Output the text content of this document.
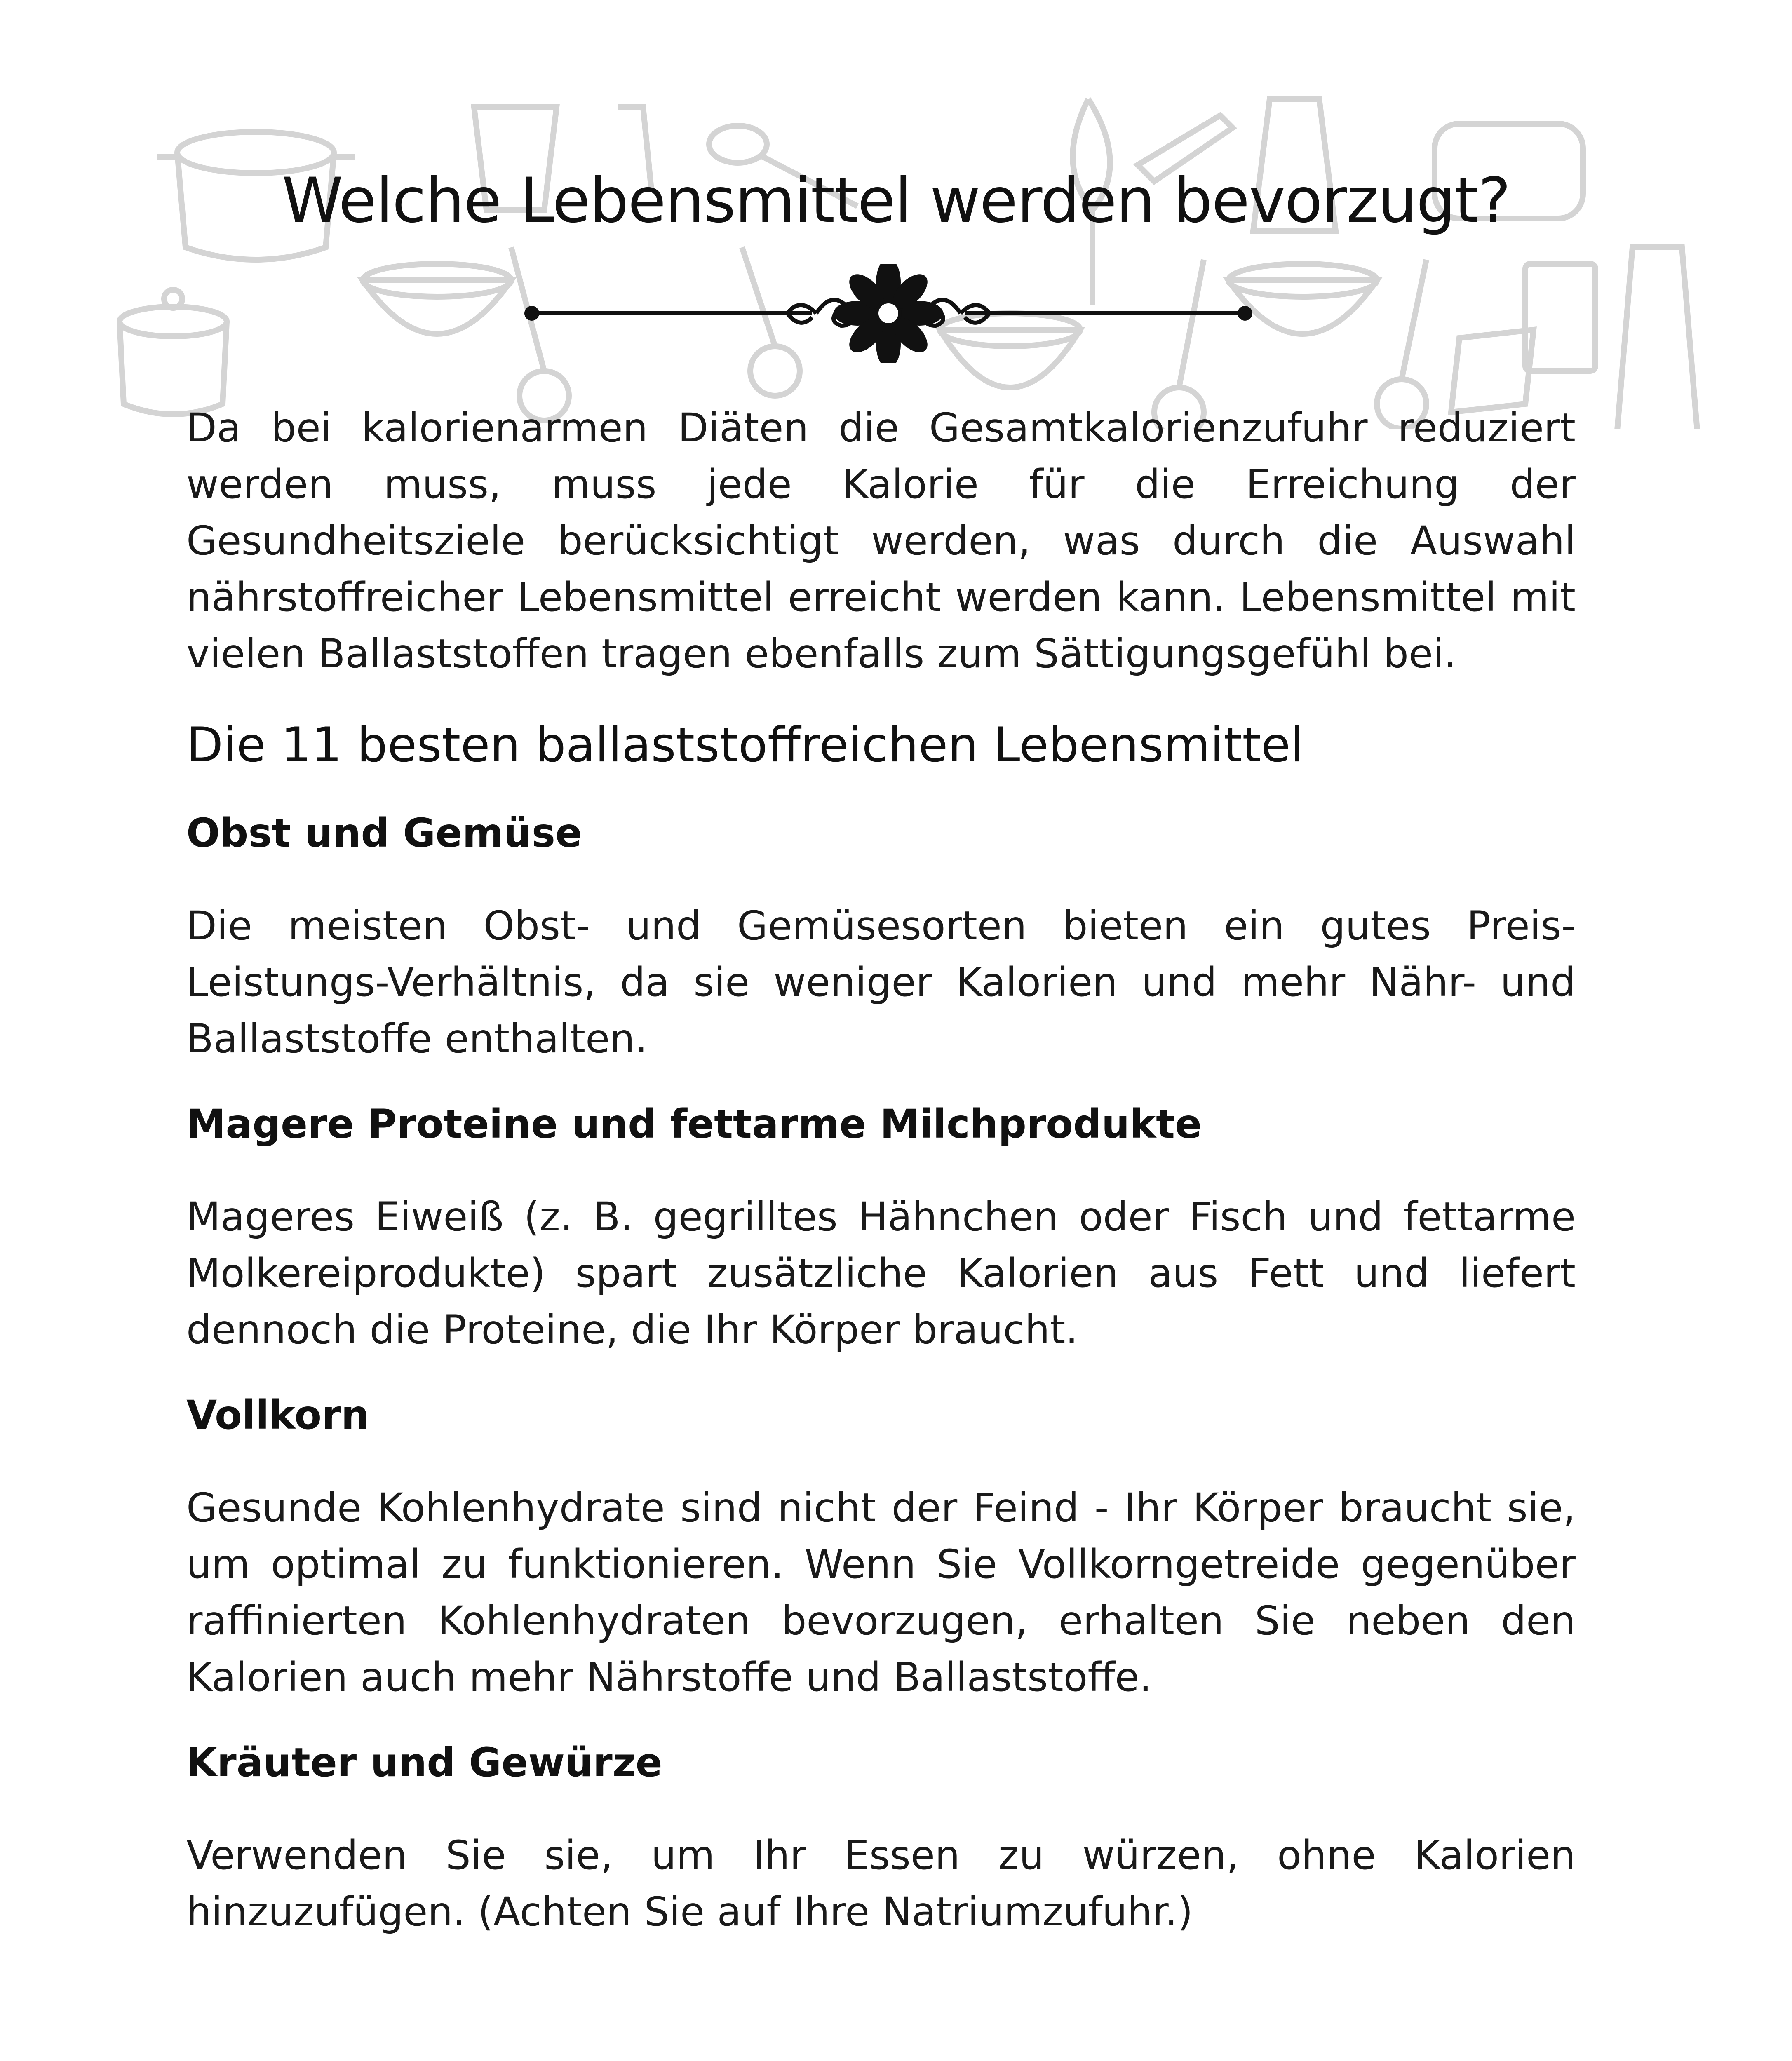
Welche Lebensmittel werden bevorzugt?

Da bei kalorienarmen Diäten die Gesamtkalorienzufuhr reduziert werden muss, muss jede Kalorie für die Erreichung der Gesundheitsziele berücksichtigt werden, was durch die Auswahl nährstoffreicher Lebensmittel erreicht werden kann. Lebensmittel mit vielen Ballaststoffen tragen ebenfalls zum Sättigungsgefühl bei.

Die 11 besten ballaststoffreichen Lebensmittel
Obst und Gemüse

Die meisten Obst- und Gemüsesorten bieten ein gutes Preis-Leistungs-Verhältnis, da sie weniger Kalorien und mehr Nähr- und Ballaststoffe enthalten.

Magere Proteine und fettarme Milchprodukte

Mageres Eiweiß (z. B. gegrilltes Hähnchen oder Fisch und fettarme Molkereiprodukte) spart zusätzliche Kalorien aus Fett und liefert dennoch die Proteine, die Ihr Körper braucht.

Vollkorn

Gesunde Kohlenhydrate sind nicht der Feind - Ihr Körper braucht sie, um optimal zu funktionieren. Wenn Sie Vollkorngetreide gegenüber raffinierten Kohlenhydraten bevorzugen, erhalten Sie neben den Kalorien auch mehr Nährstoffe und Ballaststoffe.

Kräuter und Gewürze

Verwenden Sie sie, um Ihr Essen zu würzen, ohne Kalorien hinzuzufügen. (Achten Sie auf Ihre Natriumzufuhr.)
